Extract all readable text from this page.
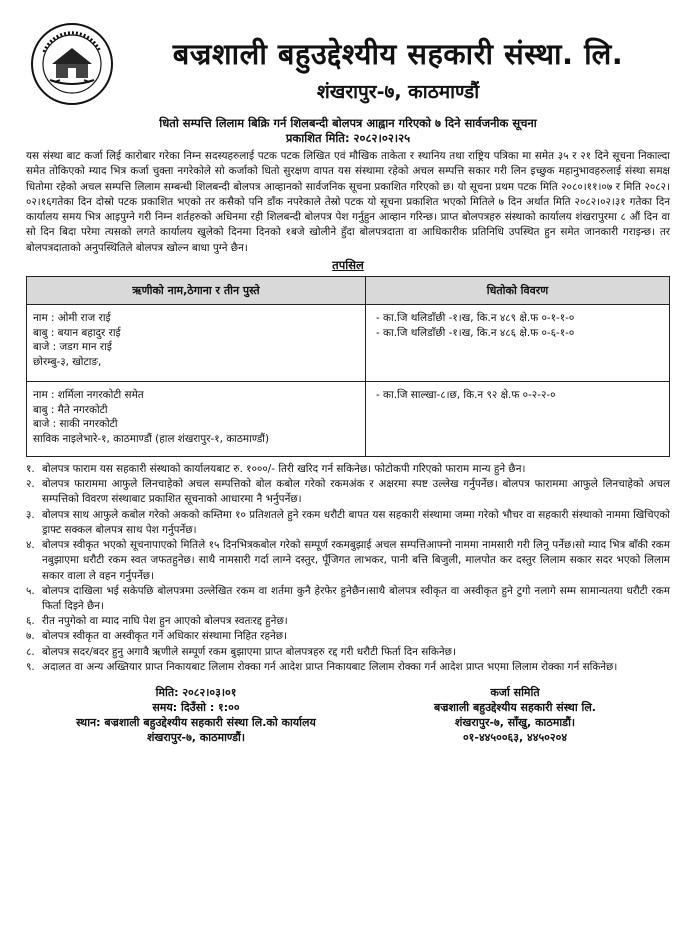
बज्रशाली बहुउद्देश्यीय सहकारी संस्था. लि.
शंखरापुर-७, काठमाण्डौं
धितो सम्पत्ति लिलाम बिक्रि गर्न शिलबन्दी बोलपत्र आह्वान गरिएको ७ दिने सार्वजनीक सूचना
प्रकाशित मिति: २०८२।०२।२५
यस संस्था बाट कर्जा लिई कारोबार गरेका निम्न सदस्यहरुलाई पटक पटक लिखित एवं मौखिक ताकेता र स्थानिय तथा राष्ट्रिय पत्रिका मा समेत ३५ र २१ दिने सूचना निकाल्दा समेत तोकिएको म्याद भित्र कर्जा चुक्ता नगरेकोले सो कर्जाको धितो सुरक्षण वापत यस संस्थामा रहेको अचल सम्पत्ति सकार गरी लिन इच्छुक महानुभावहरुलाई संस्था समक्ष धितोमा रहेको अचल सम्पत्ति लिलाम सम्बन्धी शिलबन्दी बोलपत्र आव्हानको सार्वजनिक सूचना प्रकाशित गरिएको छ। यो सूचना प्रथम पटक मिति २०८०।११।०७ र मिति २०८२।०२।१६गतेका दिन दोस्रो पटक प्रकाशित भएको तर कसैको पनि डाँक नपरेकाले तेस्रो पटक यो सूचना प्रकाशित भएको मितिले ७ दिन अर्थात मिति २०८२।०२।३१ गतेका दिन कार्यालय समय भित्र आइपुग्ने गरी निम्न शर्तहरुको अधिनमा रही शिलबन्दी बोलपत्र पेश गर्नुहुन आव्हान गरिन्छ। प्राप्त बोलपत्रहरु संस्थाको कार्यालय शंखरापुरमा ८ औं दिन वा सो दिन बिदा परेमा त्यसको लगते कार्यालय खुलेको दिनमा दिनको १बजे खोलीने हुँदा बोलपत्रदाता वा आधिकारीक प्रतिनिधि उपस्थित हुन समेत जानकारी गराइन्छ। तर बोलपत्रदाताको अनुपस्थितिले बोलपत्र खोल्न बाधा पुग्ने छैन।
तपसिल
ऋणीको नाम,ठेगाना र तीन पुस्ते	धितोको विवरण

नाम : ओमी राज राई
बाबु : बयान बहादुर राई
बाजे : जडग मान राई
छोरम्बु-३, खोटाङ,	- का.जि थलिडाँछी -१।ख, कि.न ४८९ क्षे.फ ०-१-१-०
- का.जि थलिडाँछी -१।ख, कि.न ४८६ क्षे.फ ०-६-१-०

नाम : शर्मिला नगरकोटी समेत
बाबु : मैते नगरकोटी
बाजे : साकी नगरकोटी
साविक नाइलेभारे-१, काठमाण्डौं (हाल शंखरापुर-१, काठमाण्डौं)	- का.जि साल्खा-८।छ, कि.न ९२ क्षे.फ ०-२-२-०
१. बोलपत्र फाराम यस सहकारी संस्थाको कार्यालयबाट रु. १०००/- तिरी खरिद गर्न सकिनेछ। फोटोकपी गरिएको फाराम मान्य हुने छैन।
२. बोलपत्र फाराममा आफुले लिनचाहेको अचल सम्पत्तिको बोल कबोल गरेको रकमअंक र अक्षरमा स्पष्ट उल्लेख गर्नुपर्नेछ। बोलपत्र फाराममा आफुले लिनचाहेको अचल सम्पत्तिको विवरण संस्थाबाट प्रकाशित सूचनाको आधारमा नै भर्नुपर्नेछ।
३. बोलपत्र साथ आफुले कबोल गरेको अकको कम्तिमा १० प्रतिशतले हुने रकम धरौटी बापत यस सहकारी संस्थामा जम्मा गरेको भौचर वा सहकारी संस्थाको नाममा खिचिएको ड्राफ्ट सक्कल बोलपत्र साथ पेश गर्नुपर्नेछ।
४. बोलपत्र स्वीकृत भएको सूचनापाएको मितिले १५ दिनभित्रकबोल गरेको सम्पूर्ण रकमबुझाई अचल सम्पत्तिआफ्नो नाममा नामसारी गरी लिनु पर्नेछ।सो म्याद भित्र बाँकी रकम नबुझाएमा धरौटी रकम स्वत जफतहुनेछ। साथै नामसारी गर्दा लाग्ने दस्तुर, पूँजिगत लाभकर, पानी बत्ति बिजुली, मालपोत कर दस्तुर लिलाम सकार सदर भएको लिलाम सकार वाला ले वहन गर्नुपर्नेछ।
५. बोलपत्र दाखिला भई सकेपछि बोलपत्रमा उल्लेखित रकम वा शर्तमा कुनै हेरफेर हुनेछैन।साथै बोलपत्र स्वीकृत वा अस्वीकृत हुने टुगो नलागे सम्म सामान्यतया धरौटी रकम फिर्ता दिइने छैन।
६. रीत नपुगेको वा म्याद नाघि पेश हुन आएको बोलपत्र स्वतःरद्द हुनेछ।
७. बोलपत्र स्वीकृत वा अस्वीकृत गर्ने अधिकार संस्थामा निहित रहनेछ।
८. बोलपत्र सदर/बदर हुनु अगावै ऋणीले सम्पूर्ण रकम बुझाएमा प्राप्त बोलपत्रहरु रद्द गरी धरौटी फिर्ता दिन सकिनेछ।
९. अदालत वा अन्य अख्तियार प्राप्त निकायबाट लिलाम रोक्का गर्न आदेश प्राप्त निकायबाट लिलाम रोक्का गर्न आदेश प्राप्त भएमा लिलाम रोक्का गर्न सकिनेछ।
मिति: २०८२।०३।०१
समय: दिउँसो : १:००
स्थान: बज्रशाली बहुउद्देश्यीय सहकारी संस्था लि.को कार्यालय
शंखरापुर-७, काठमाण्डौं।
कर्जा समिति
बज्रशाली बहुउद्देश्यीय सहकारी संस्था लि.
शंखरापुर-७, साँखु, काठमाडौं।
०१-४४५००६३, ४४५०२०४
